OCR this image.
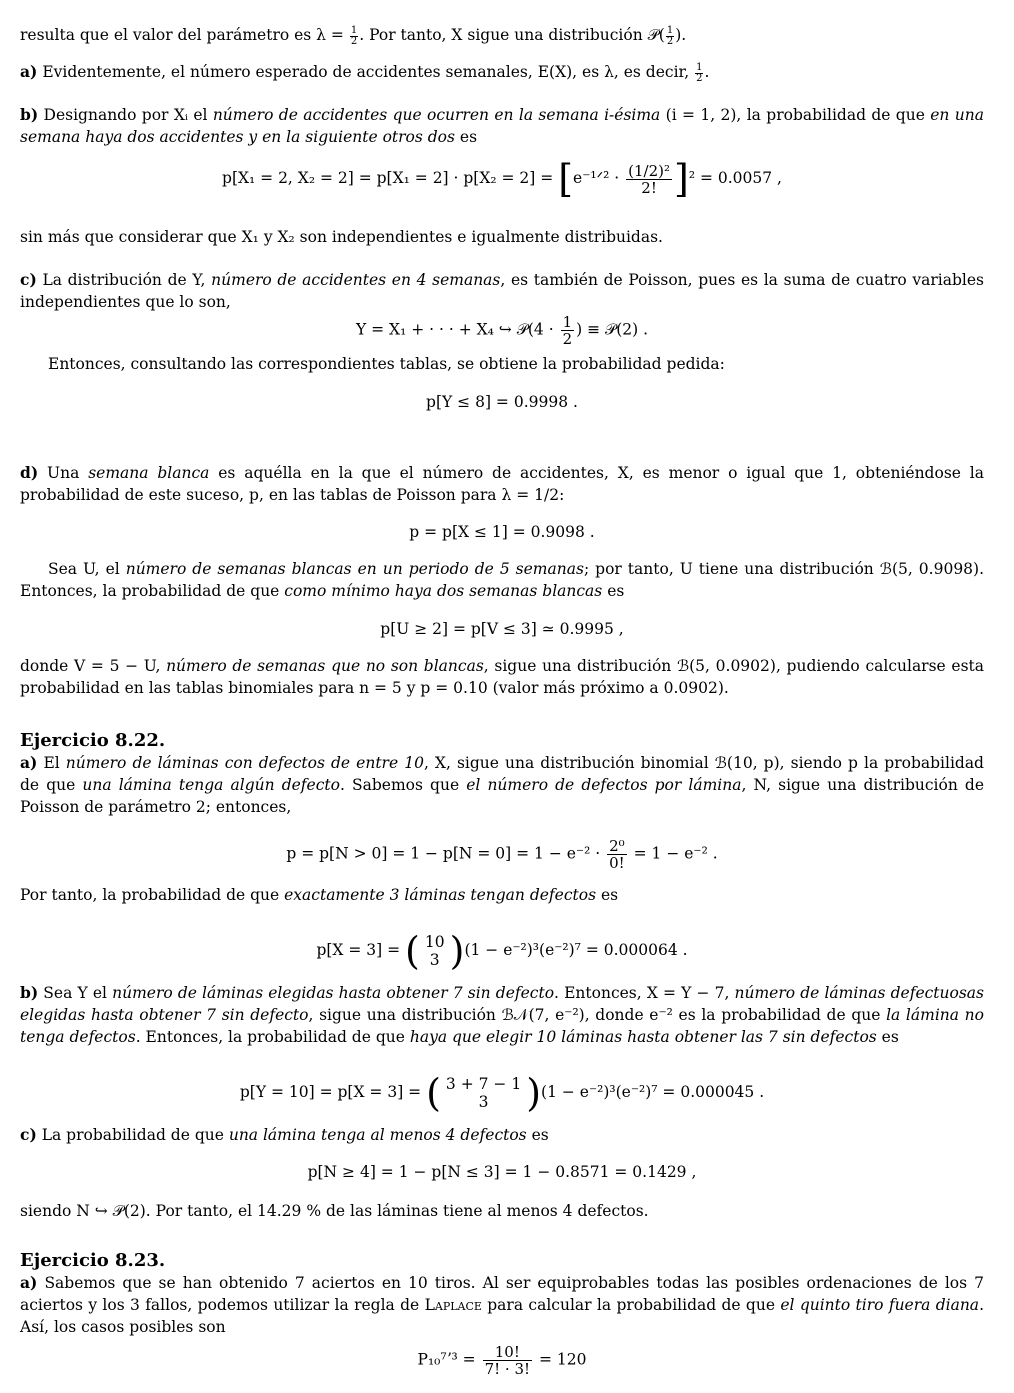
resulta que el valor del parámetro es $\lambda = \frac{1}{2}$ . Por tanto, X sigue una distribución 𝒫( $\frac{1}{2}$ ).
a) Evidentemente, el número esperado de accidentes semanales, E(X), es λ, es decir, $\frac{1}{2}$ .
b) Designando por Xᵢ el número de accidentes que ocurren en la semana i-ésima (i = 1, 2), la probabilidad de que en una semana haya dos accidentes y en la siguiente otros dos es
p[X₁ = 2, X₂ = 2] = p[X₁ = 2] · p[X₂ = 2] = [e⁻¹ᐟ² · $\frac{\text{(1/2)²}}{2!} ]^2 = 0.0057$ ,
sin más que considerar que X₁ y X₂ son independientes e igualmente distribuidas.
c) La distribución de Y, número de accidentes en 4 semanas, es también de Poisson, pues es la suma de cuatro variables independientes que lo son,
Y = X₁ + · · · + X₄ ↪ 𝒫(4 · $\frac{1}{2}$ ) ≡ 𝒫(2) .
Entonces, consultando las correspondientes tablas, se obtiene la probabilidad pedida:
p[Y ≤ 8] = 0.9998 .
d) Una semana blanca es aquélla en la que el número de accidentes, X, es menor o igual que 1, obteniéndose la probabilidad de este suceso, p, en las tablas de Poisson para λ = 1/2:
p = p[X ≤ 1] = 0.9098 .
Sea U, el número de semanas blancas en un periodo de 5 semanas; por tanto, U tiene una distribución ℬ(5, 0.9098). Entonces, la probabilidad de que como mínimo haya dos semanas blancas es
p[U ≥ 2] = p[V ≤ 3] ≃ 0.9995 ,
donde V = 5 − U, número de semanas que no son blancas, sigue una distribución ℬ(5, 0.0902), pudiendo calcularse esta probabilidad en las tablas binomiales para n = 5 y p = 0.10 (valor más próximo a 0.0902).
Ejercicio 8.22.
a) El número de láminas con defectos de entre 10, X, sigue una distribución binomial ℬ(10, p), siendo p la probabilidad de que una lámina tenga algún defecto. Sabemos que el número de defectos por lámina, N, sigue una distribución de Poisson de parámetro 2; entonces,
$p = p[N > 0] = 1 - p[N = 0] = 1 - e^{-2} \cdot \frac{\text{2⁰}}{0!} = 1 - e^{-2}$ .
Por tanto, la probabilidad de que exactamente 3 láminas tengan defectos es
p[X = 3] = ( 10
3 )(1 − e⁻²)³(e⁻²)⁷ = 0.000064 .
b) Sea Y el número de láminas elegidas hasta obtener 7 sin defecto. Entonces, X = Y − 7, número de láminas defectuosas elegidas hasta obtener 7 sin defecto, sigue una distribución ℬ𝒩(7, e⁻²), donde e⁻² es la probabilidad de que la lámina no tenga defectos. Entonces, la probabilidad de que haya que elegir 10 láminas hasta obtener las 7 sin defectos es
p[Y = 10] = p[X = 3] = ( 3 + 7 − 1
3 )(1 − e⁻²)³(e⁻²)⁷ = 0.000045 .
c) La probabilidad de que una lámina tenga al menos 4 defectos es
p[N ≥ 4] = 1 − p[N ≤ 3] = 1 − 0.8571 = 0.1429 ,
siendo N ↪ 𝒫(2). Por tanto, el 14.29 % de las láminas tiene al menos 4 defectos.
Ejercicio 8.23.
a) Sabemos que se han obtenido 7 aciertos en 10 tiros. Al ser equiprobables todas las posibles ordenaciones de los 7 aciertos y los 3 fallos, podemos utilizar la regla de Laplace para calcular la probabilidad de que el quinto tiro fuera diana. Así, los casos posibles son
P₁₀⁷ʼ³ = $\frac{10!}{7! \cdot 3!} = 120$
